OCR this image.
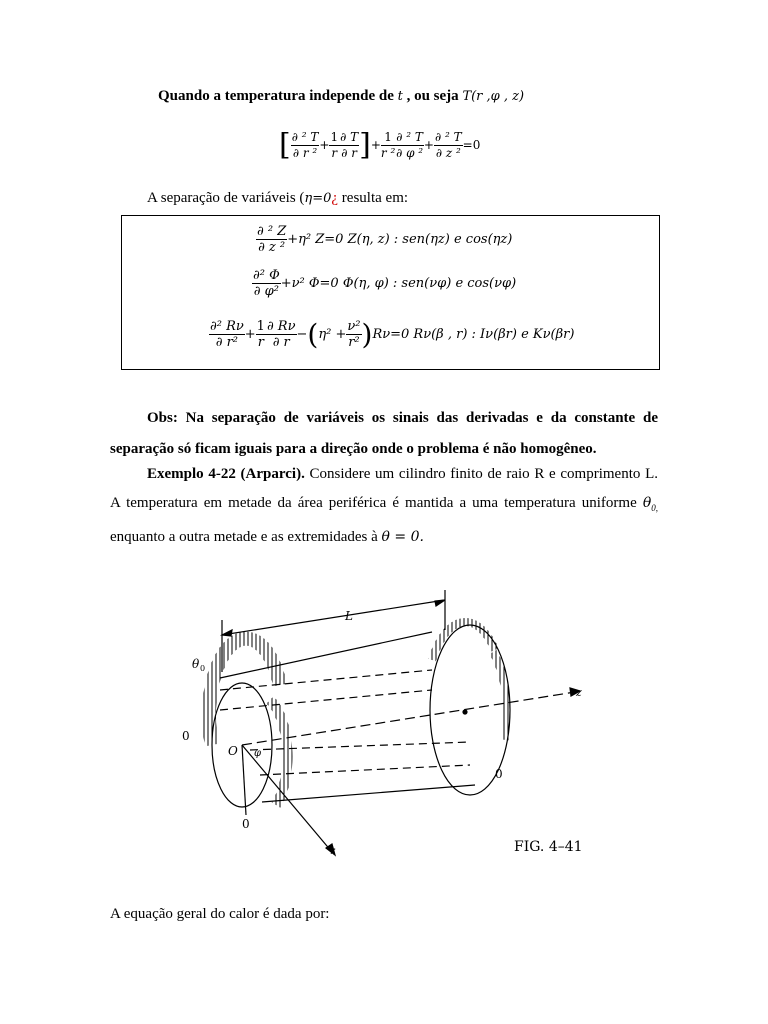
Quando a temperatura independe de t , ou seja T(r ,φ , z)
[ $\frac{\text{∂ ² T}}{\text{∂ r ²}} + \frac{1}{r} \frac{\partial T}{\partial r}$ ]+ $\frac{1}{\text{r ²}} \frac{\text{∂ ² T}}{\text{∂ φ ²}} + \frac{\text{∂ ² T}}{\text{∂ z ²}} =0$
A separação de variáveis (η=0¿ resulta em:
$\frac{\text{∂ ² Z}}{\text{∂ z ²}} +\eta^2$ Z=0 Z(η, z) : sen(ηz) e cos(ηz)
$\frac{\text{∂² Φ}}{\text{∂ φ²}} +\nu^2$ Φ=0 Φ(η, φ) : sen(νφ) e cos(νφ)
$\frac{\text{∂² Rν}}{\text{∂ r²}} + \frac{1}{r} \frac{\partial R\nu}{\partial r} -(\eta^2 + \frac{\text{ν²}}{\text{r²}} )R\nu=0$ Rν(β , r) : Iν(βr) e Kν(βr)
Obs: Na separação de variáveis os sinais das derivadas e da constante de separação só ficam iguais para a direção onde o problema é não homogêneo.
Exemplo 4-22 (Arparci). Considere um cilindro finito de raio R e comprimento L. A temperatura em metade da área periférica é mantida a uma temperatura uniforme $\theta_{0,}$ enquanto a outra metade e as extremidades à θ = 0.
L
θ 0
0
O φ
0
0
z
r	FIG. 4–41
A equação geral do calor é dada por:
